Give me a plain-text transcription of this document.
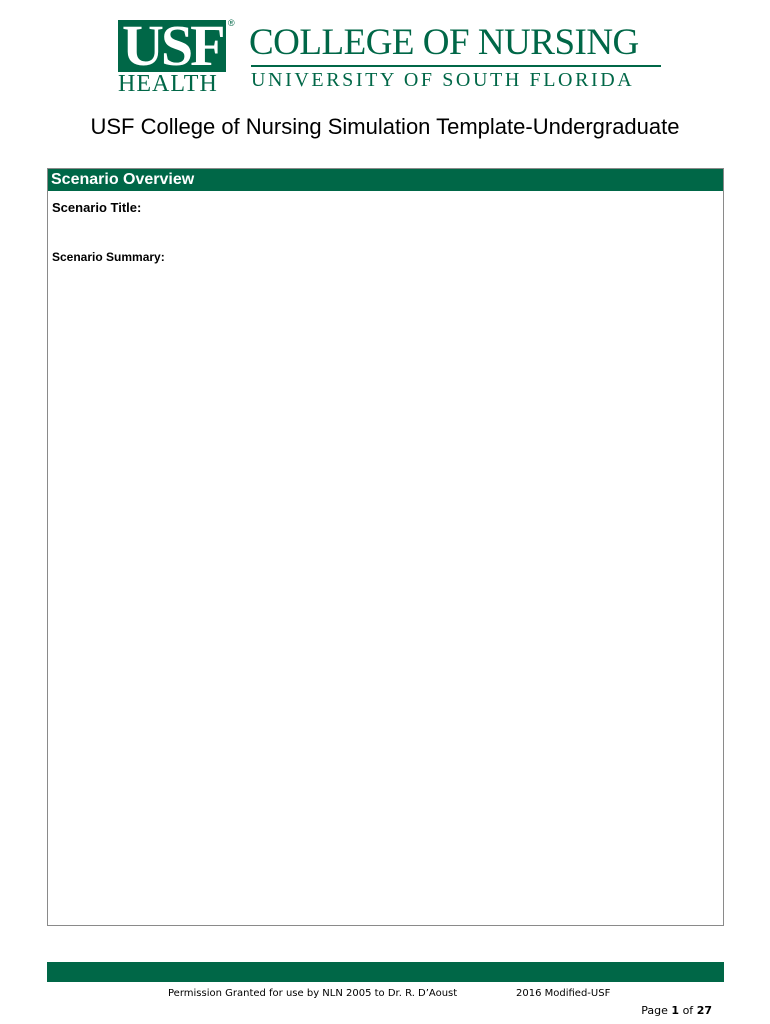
USF ®
HEALTH
COLLEGE OF NURSING
UNIVERSITY OF SOUTH FLORIDA
USF College of Nursing Simulation Template-Undergraduate
Scenario Overview
Scenario Title:
Scenario Summary:
Permission Granted for use by NLN 2005 to Dr. R. D’Aoust	2016 Modified-USF
Page 1 of 27
